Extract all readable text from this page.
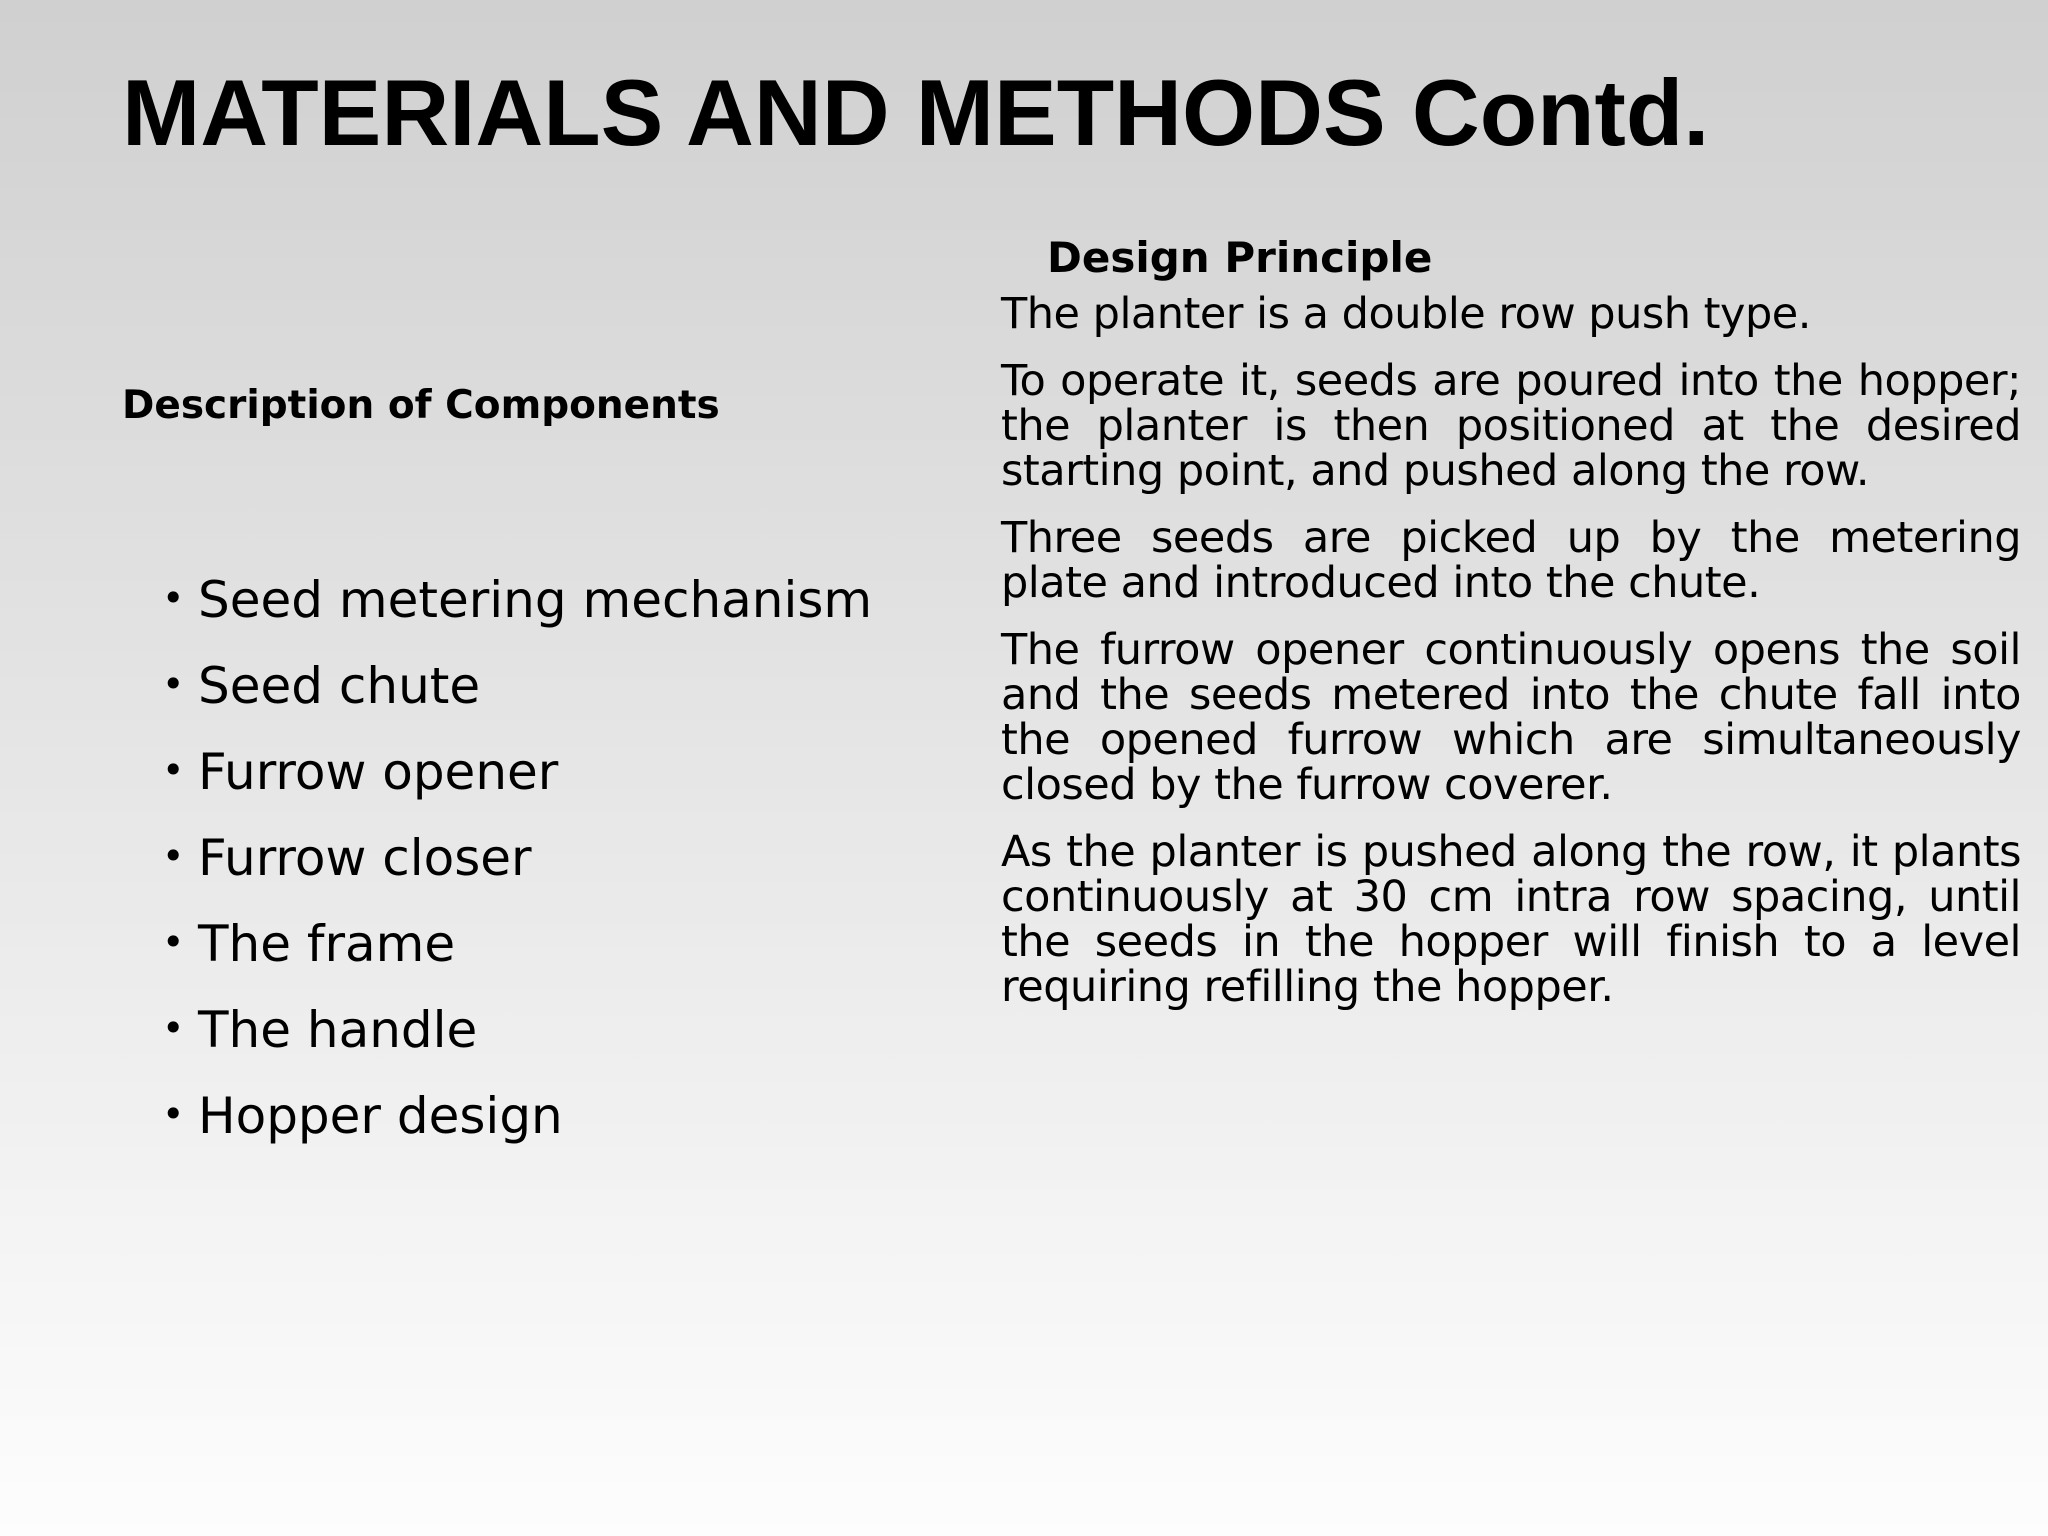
MATERIALS AND METHODS Contd.

Description of Components

• Seed metering mechanism
• Seed chute
• Furrow opener
• Furrow closer
• The frame
• The handle
• Hopper design

Design Principle

The planter is a double row push type.

To operate it, seeds are poured into the hopper; the planter is then positioned at the desired starting point, and pushed along the row.

Three seeds are picked up by the metering plate and introduced into the chute.

The furrow opener continuously opens the soil and the seeds metered into the chute fall into the opened furrow which are simultaneously closed by the furrow coverer.

As the planter is pushed along the row, it plants continuously at 30 cm intra row spacing, until the seeds in the hopper will finish to a level requiring refilling the hopper.
